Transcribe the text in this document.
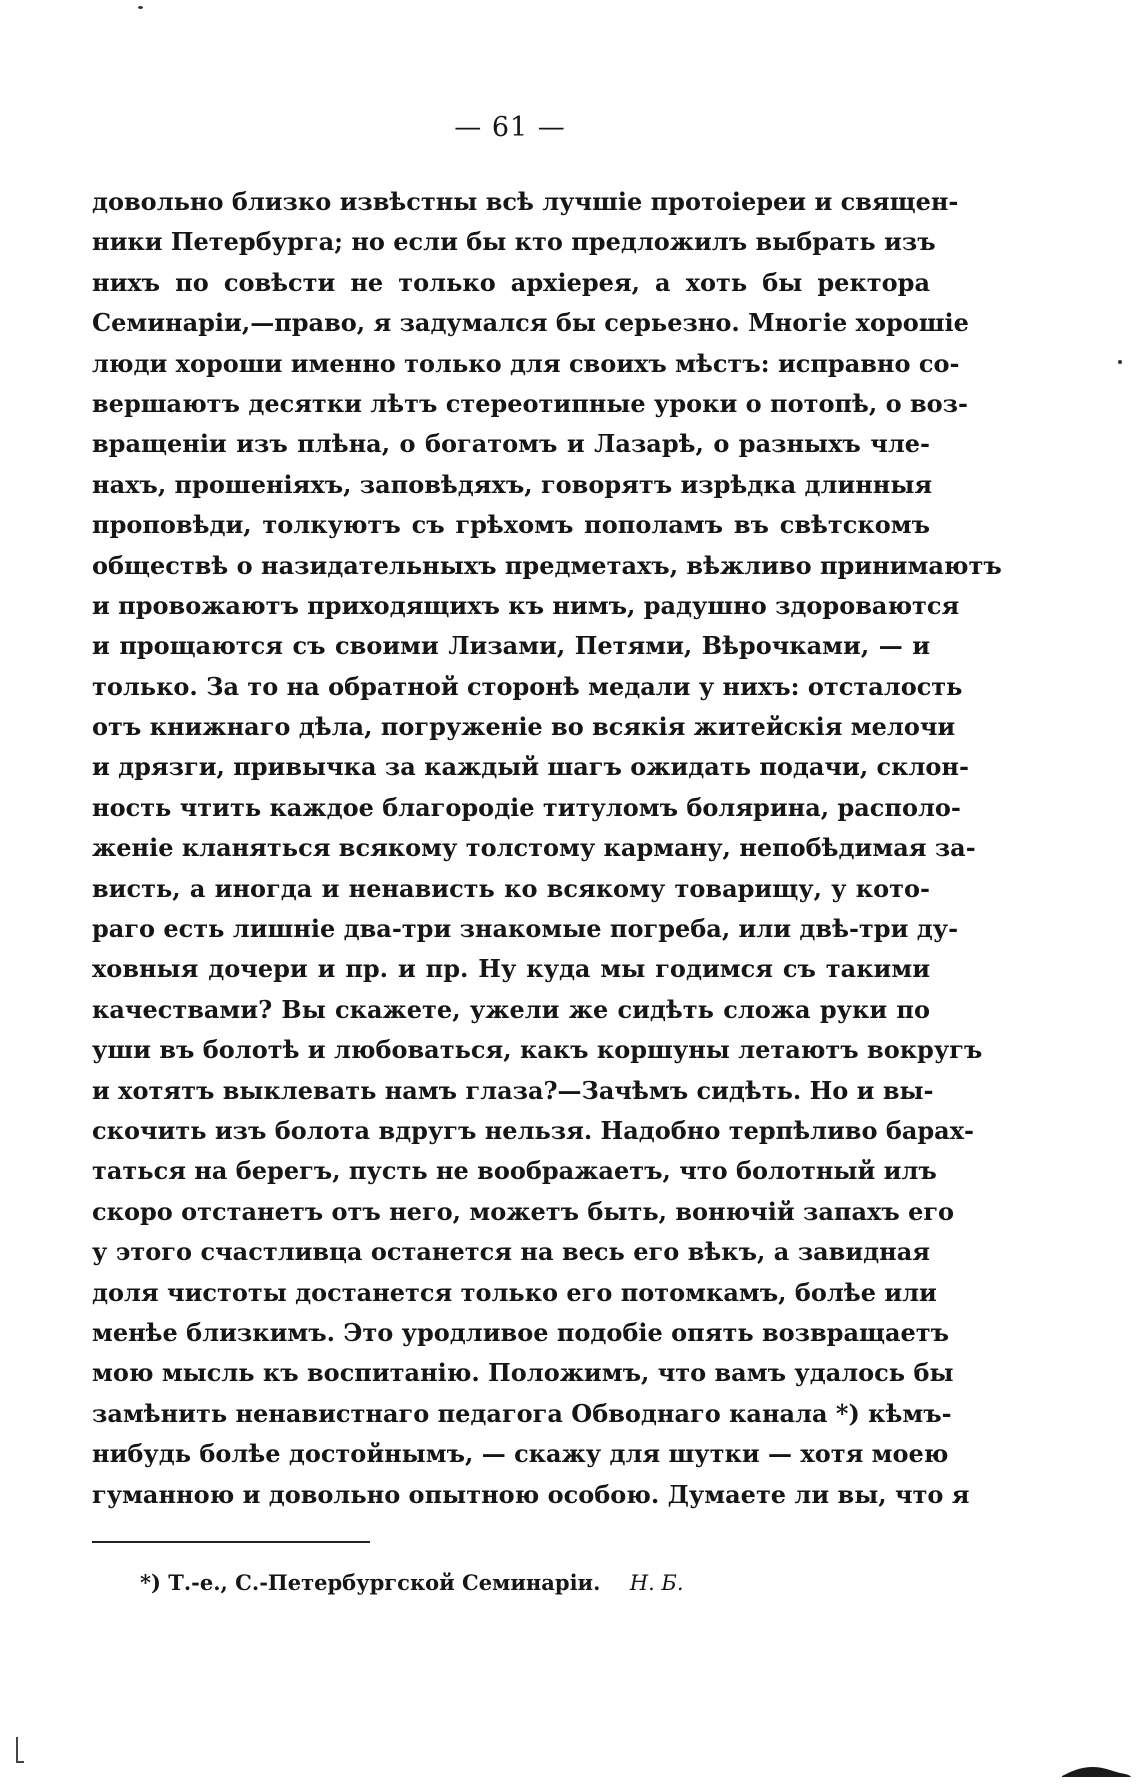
— 61 —
довольно близко извѣстны всѣ лучшіе протоіереи и священ-
ники Петербурга; но если бы кто предложилъ выбрать изъ
нихъ по совѣсти не только архіерея, а хоть бы ректора
Семинаріи,—право, я задумался бы серьезно. Многіе хорошіе
люди хороши именно только для своихъ мѣстъ: исправно со-
вершаютъ десятки лѣтъ стереотипные уроки о потопѣ, о воз-
вращеніи изъ плѣна, о богатомъ и Лазарѣ, о разныхъ чле-
нахъ, прошеніяхъ, заповѣдяхъ, говорятъ изрѣдка длинныя
проповѣди, толкуютъ съ грѣхомъ пополамъ въ свѣтскомъ
обществѣ о назидательныхъ предметахъ, вѣжливо принимаютъ
и провожаютъ приходящихъ къ нимъ, радушно здороваются
и прощаются съ своими Лизами, Петями, Вѣрочками, — и
только. За то на обратной сторонѣ медали у нихъ: отсталость
отъ книжнаго дѣла, погруженіе во всякія житейскія мелочи
и дрязги, привычка за каждый шагъ ожидать подачи, склон-
ность чтить каждое благородіе титуломъ болярина, располо-
женіе кланяться всякому толстому карману, непобѣдимая за-
висть, а иногда и ненависть ко всякому товарищу, у кото-
раго есть лишніе два-три знакомые погреба, или двѣ-три ду-
ховныя дочери и пр. и пр. Ну куда мы годимся съ такими
качествами? Вы скажете, ужели же сидѣть сложа руки по
уши въ болотѣ и любоваться, какъ коршуны летаютъ вокругъ
и хотятъ выклевать намъ глаза?—Зачѣмъ сидѣть. Но и вы-
скочить изъ болота вдругъ нельзя. Надобно терпѣливо барах-
таться на берегъ, пусть не воображаетъ, что болотный илъ
скоро отстанетъ отъ него, можетъ быть, вонючій запахъ его
у этого счастливца останется на весь его вѣкъ, а завидная
доля чистоты достанется только его потомкамъ, болѣе или
менѣе близкимъ. Это уродливое подобіе опять возвращаетъ
мою мысль къ воспитанію. Положимъ, что вамъ удалось бы
замѣнить ненавистнаго педагога Обводнаго канала *) кѣмъ-
нибудь болѣе достойнымъ, — скажу для шутки — хотя моею
гуманною и довольно опытною особою. Думаете ли вы, что я
*) Т.-е., С.-Петербургской Семинаріи. Н. Б.
